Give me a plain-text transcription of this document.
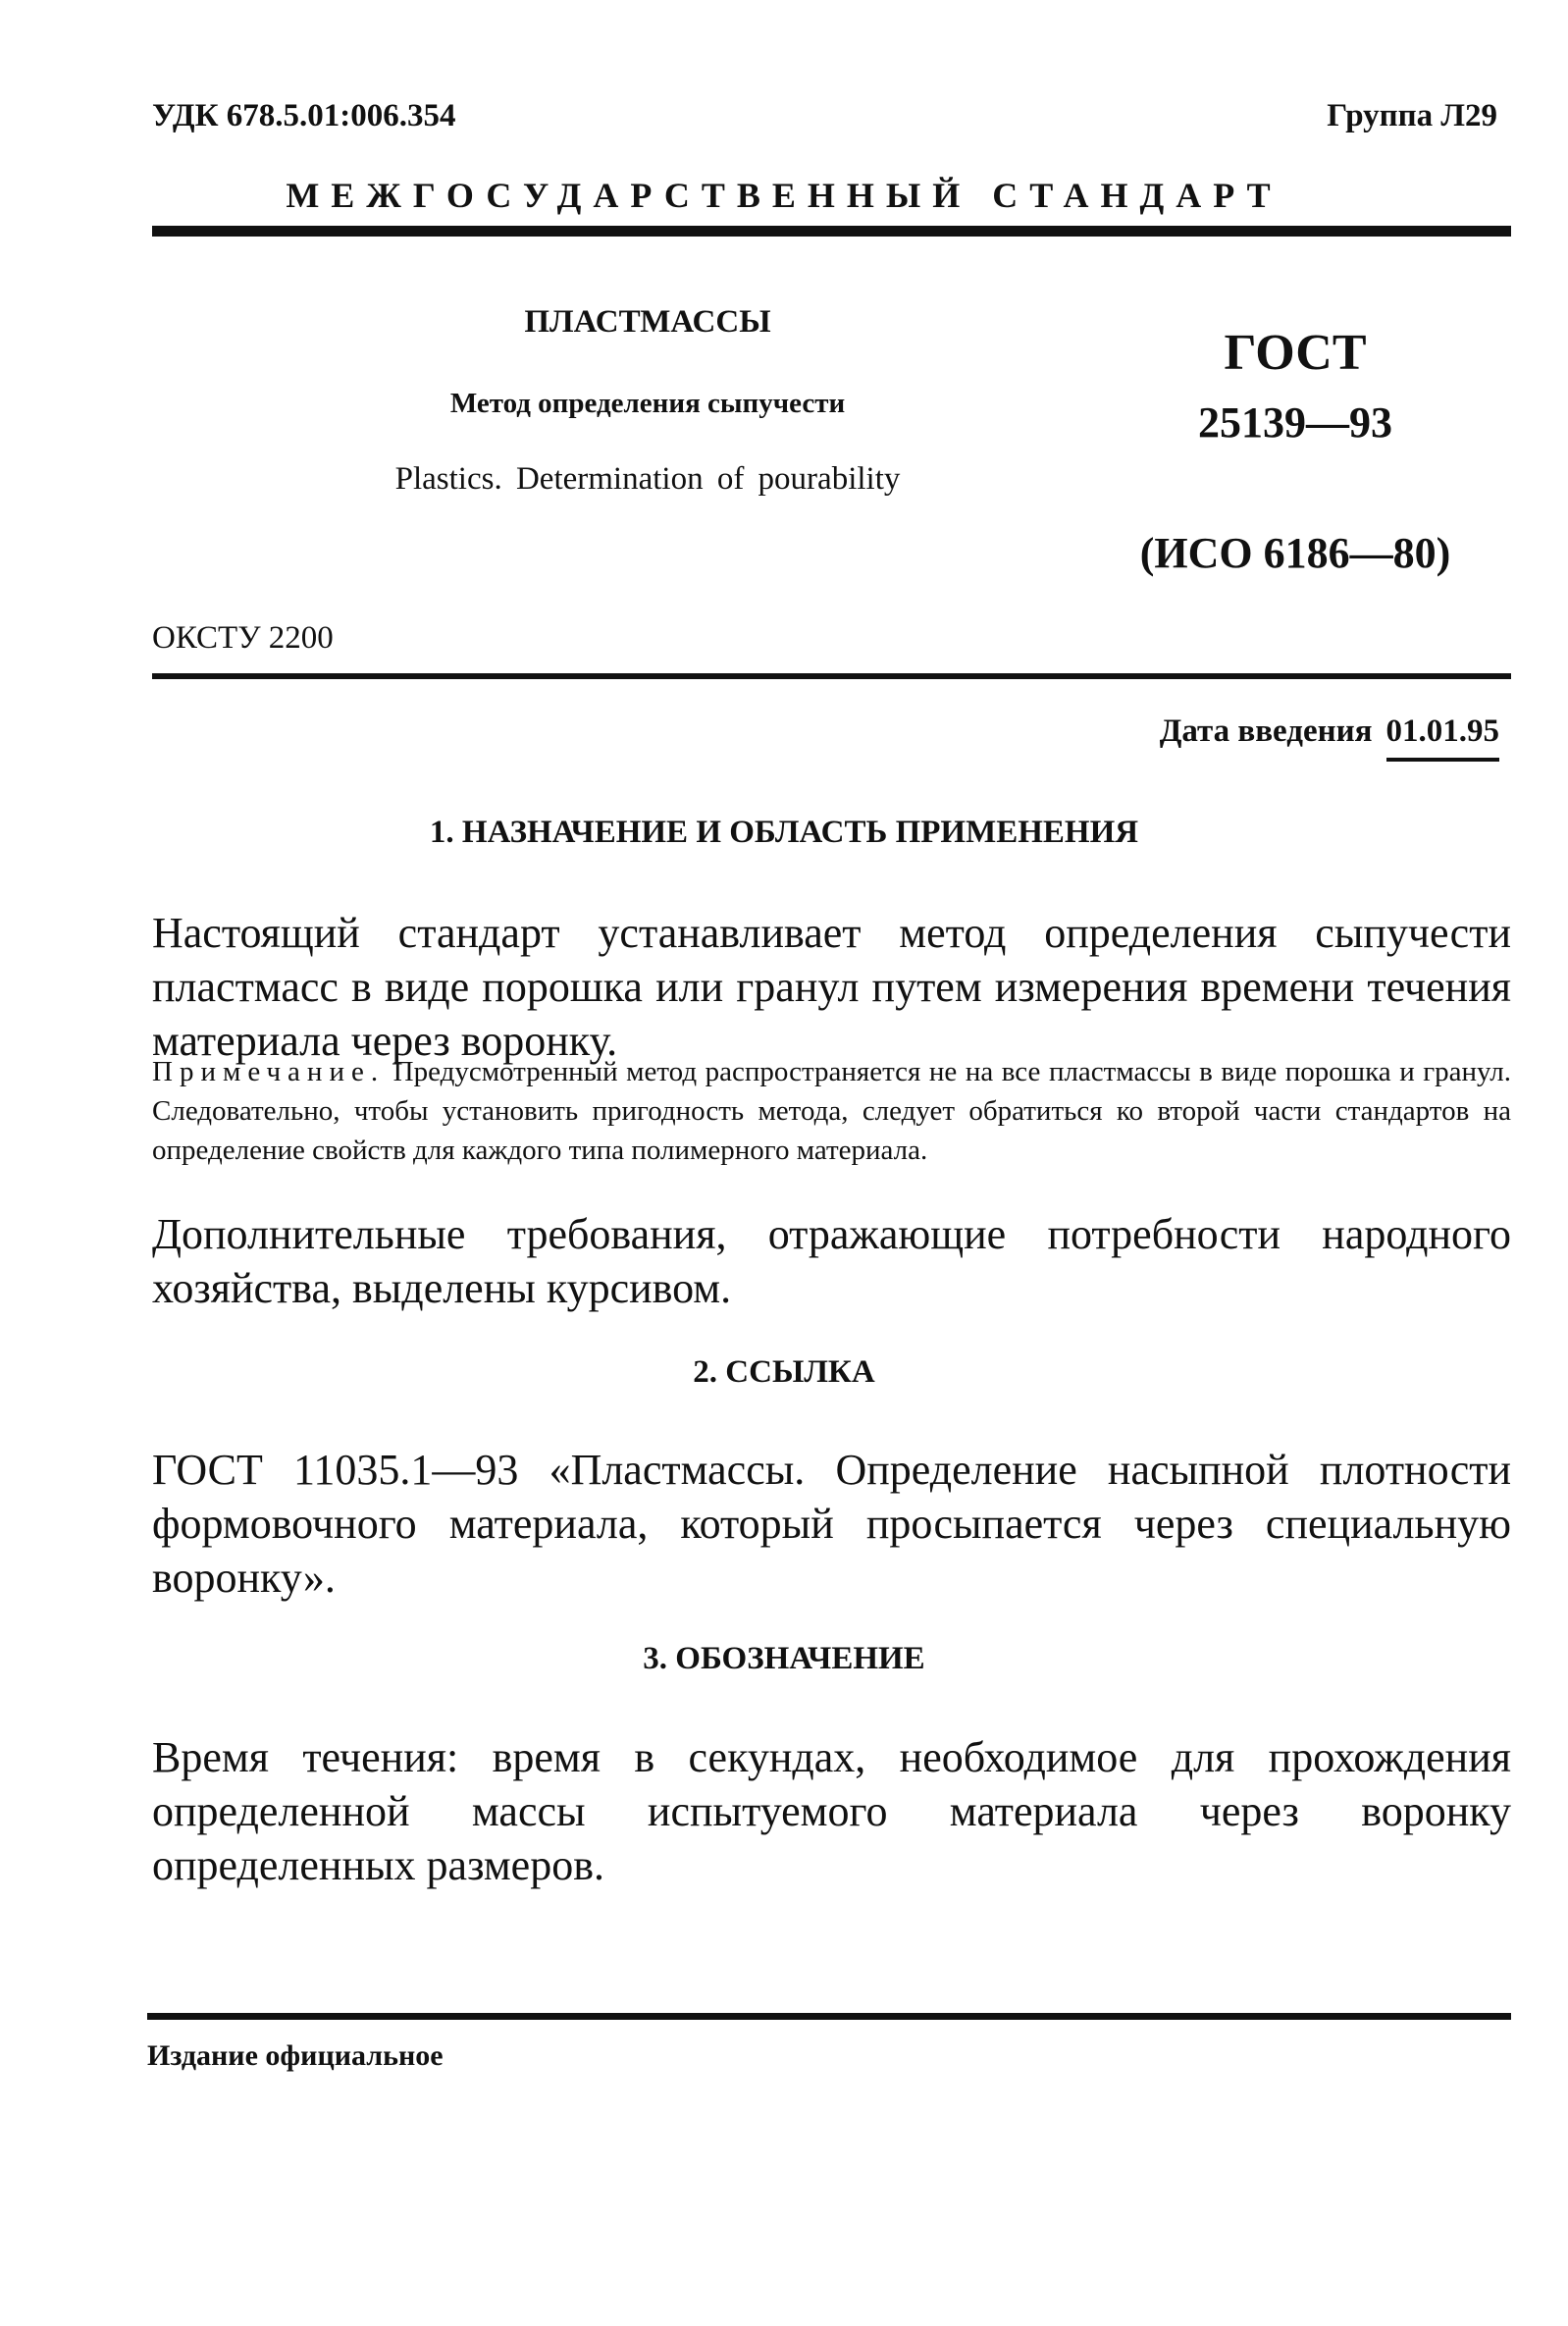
УДК 678.5.01:006.354	Группа Л29
МЕЖГОСУДАРСТВЕННЫЙ СТАНДАРТ
ПЛАСТМАССЫ
Метод определения сыпучести
Plastics. Determination of pourability
ГОСТ
25139—93
(ИСО 6186—80)
ОКСТУ 2200
Дата введения 01.01.95
1. НАЗНАЧЕНИЕ И ОБЛАСТЬ ПРИМЕНЕНИЯ
Настоящий стандарт устанавливает метод определения сыпучести пластмасс в виде порошка или гранул путем измерения времени течения материала через воронку.
Примечание. Предусмотренный метод распространяется не на все пластмассы в виде порошка и гранул. Следовательно, чтобы установить пригодность метода, следует обратиться ко второй части стандартов на определение свойств для каждого типа полимерного материала.
Дополнительные требования, отражающие потребности народного хозяйства, выделены курсивом.
2. ССЫЛКА
ГОСТ 11035.1—93 «Пластмассы. Определение насыпной плотности формовочного материала, который просыпается через специальную воронку».
3. ОБОЗНАЧЕНИЕ
Время течения: время в секундах, необходимое для прохождения определенной массы испытуемого материала через воронку определенных размеров.
Издание официальное
